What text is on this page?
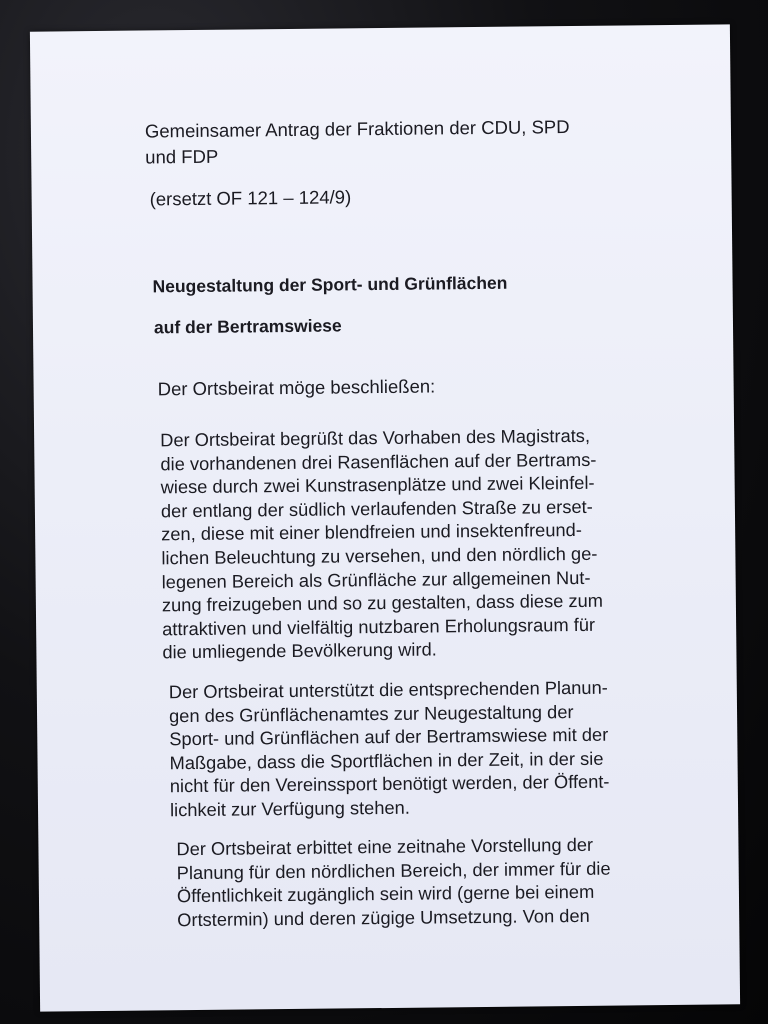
Gemeinsamer Antrag der Fraktionen der CDU, SPD
und FDP
(ersetzt OF 121 – 124/9)
Neugestaltung der Sport- und Grünflächen
auf der Bertramswiese
Der Ortsbeirat möge beschließen:
Der Ortsbeirat begrüßt das Vorhaben des Magistrats,
die vorhandenen drei Rasenflächen auf der Bertrams-
wiese durch zwei Kunstrasenplätze und zwei Kleinfel-
der entlang der südlich verlaufenden Straße zu erset-
zen, diese mit einer blendfreien und insektenfreund-
lichen Beleuchtung zu versehen, und den nördlich ge-
legenen Bereich als Grünfläche zur allgemeinen Nut-
zung freizugeben und so zu gestalten, dass diese zum
attraktiven und vielfältig nutzbaren Erholungsraum für
die umliegende Bevölkerung wird.
Der Ortsbeirat unterstützt die entsprechenden Planun-
gen des Grünflächenamtes zur Neugestaltung der
Sport- und Grünflächen auf der Bertramswiese mit der
Maßgabe, dass die Sportflächen in der Zeit, in der sie
nicht für den Vereinssport benötigt werden, der Öffent-
lichkeit zur Verfügung stehen.
Der Ortsbeirat erbittet eine zeitnahe Vorstellung der
Planung für den nördlichen Bereich, der immer für die
Öffentlichkeit zugänglich sein wird (gerne bei einem
Ortstermin) und deren zügige Umsetzung. Von den
